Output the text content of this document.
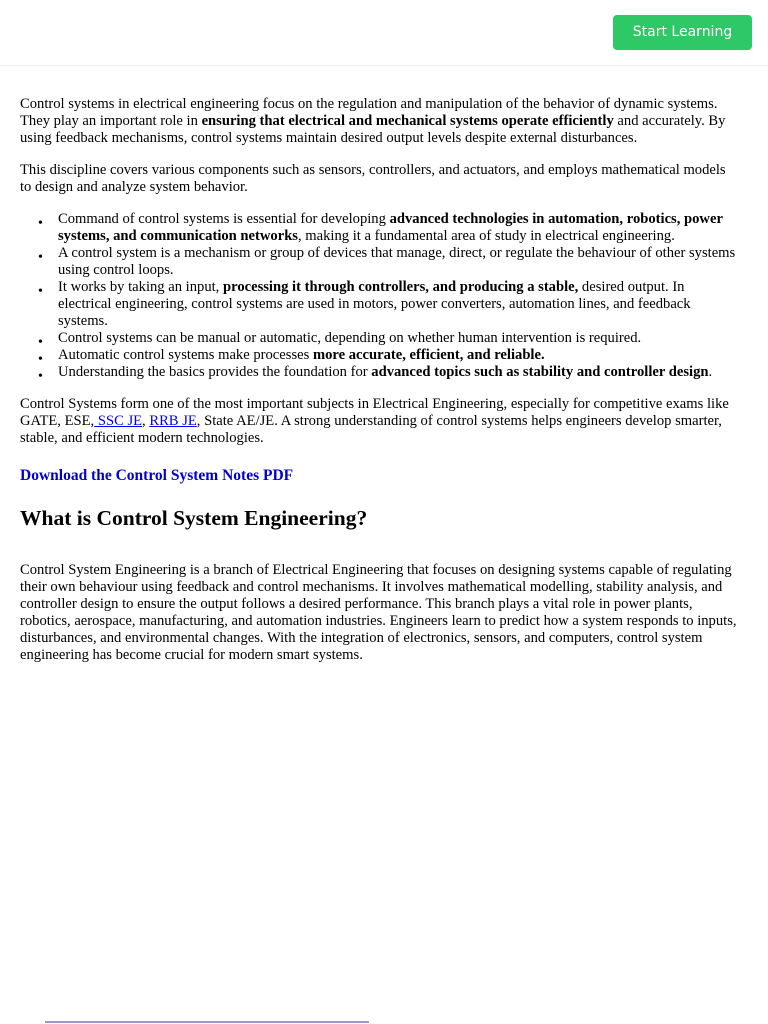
Start Learning

Control systems in electrical engineering focus on the regulation and manipulation of the behavior of dynamic systems. They play an important role in ensuring that electrical and mechanical systems operate efficiently and accurately. By using feedback mechanisms, control systems maintain desired output levels despite external disturbances.

This discipline covers various components such as sensors, controllers, and actuators, and employs mathematical models to design and analyze system behavior.

• Command of control systems is essential for developing advanced technologies in automation, robotics, power systems, and communication networks, making it a fundamental area of study in electrical engineering.
• A control system is a mechanism or group of devices that manage, direct, or regulate the behaviour of other systems using control loops.
• It works by taking an input, processing it through controllers, and producing a stable, desired output. In electrical engineering, control systems are used in motors, power converters, automation lines, and feedback systems.
• Control systems can be manual or automatic, depending on whether human intervention is required.
• Automatic control systems make processes more accurate, efficient, and reliable.
• Understanding the basics provides the foundation for advanced topics such as stability and controller design.

Control Systems form one of the most important subjects in Electrical Engineering, especially for competitive exams like GATE, ESE, SSC JE, RRB JE, State AE/JE. A strong understanding of control systems helps engineers develop smarter, stable, and efficient modern technologies.

Download the Control System Notes PDF
What is Control System Engineering?

Control System Engineering is a branch of Electrical Engineering that focuses on designing systems capable of regulating their own behaviour using feedback and control mechanisms. It involves mathematical modelling, stability analysis, and controller design to ensure the output follows a desired performance. This branch plays a vital role in power plants, robotics, aerospace, manufacturing, and automation industries. Engineers learn to predict how a system responds to inputs, disturbances, and environmental changes. With the integration of electronics, sensors, and computers, control system engineering has become crucial for modern smart systems.
